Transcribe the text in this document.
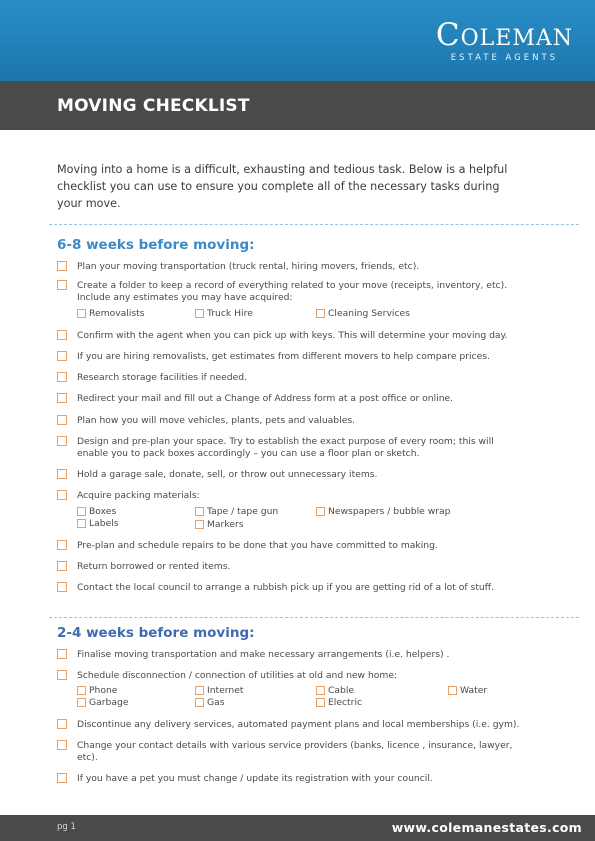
Coleman
ESTATE AGENTS
MOVING CHECKLIST
Moving into a home is a difficult, exhausting and tedious task. Below is a helpful checklist you can use to ensure you complete all of the necessary tasks during your move.
6-8 weeks before moving:
Plan your moving transportation (truck rental, hiring movers, friends, etc).
Create a folder to keep a record of everything related to your move (receipts, inventory, etc). Include any estimates you may have acquired:
Removalists	Truck Hire	Cleaning Services
Confirm with the agent when you can pick up with keys. This will determine your moving day.
If you are hiring removalists, get estimates from different movers to help compare prices.
Research storage facilities if needed.
Redirect your mail and fill out a Change of Address form at a post office or online.
Plan how you will move vehicles, plants, pets and valuables.
Design and pre-plan your space. Try to establish the exact purpose of every room; this will enable you to pack boxes accordingly – you can use a floor plan or sketch.
Hold a garage sale, donate, sell, or throw out unnecessary items.
Acquire packing materials:
Boxes	Tape / tape gun	Newspapers / bubble wrap
Labels	Markers
Pre-plan and schedule repairs to be done that you have committed to making.
Return borrowed or rented items.
Contact the local council to arrange a rubbish pick up if you are getting rid of a lot of stuff.
2-4 weeks before moving:
Finalise moving transportation and make necessary arrangements (i.e. helpers) .
Schedule disconnection / connection of utilities at old and new home:
Phone	Internet	Cable	Water
Garbage	Gas	Electric
Discontinue any delivery services, automated payment plans and local memberships (i.e. gym).
Change your contact details with various service providers (banks, licence , insurance, lawyer, etc).
If you have a pet you must change / update its registration with your council.
pg 1	www.colemanestates.com
